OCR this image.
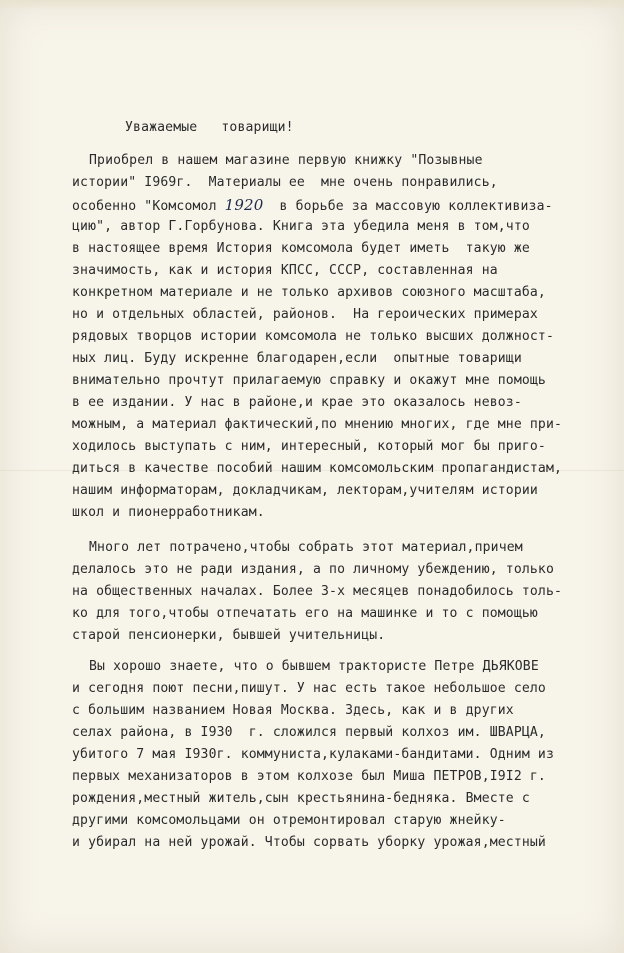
Уважаемые   товарищи!

Приобрел в нашем магазине первую книжку "Позывные

истории" I969г.  Материалы ее  мне очень понравились,

особенно "Комсомол 1920  в борьбе за массовую коллективиза-

цию", автор Г.Горбунова. Книга эта убедила меня в том,что

в настоящее время История комсомола будет иметь  такую же

значимость, как и история КПСС, СССР, составленная на

конкретном материале и не только архивов союзного масштаба,

но и отдельных областей, районов.  На героических примерах

рядовых творцов истории комсомола не только высших должност-

ных лиц. Буду искренне благодарен,если  опытные товарищи

внимательно прочтут прилагаемую справку и окажут мне помощь

в ее издании. У нас в районе,и крае это оказалось невоз-

можным, а материал фактический,по мнению многих, где мне при-

ходилось выступать с ним, интересный, который мог бы приго-

диться в качестве пособий нашим комсомольским пропагандистам,

нашим информаторам, докладчикам, лекторам,учителям истории

школ и пионерработникам.

Много лет потрачено,чтобы собрать этот материал,причем

делалось это не ради издания, а по личному убеждению, только

на общественных началах. Более 3-х месяцев понадобилось толь-

ко для того,чтобы отпечатать его на машинке и то с помощью

старой пенсионерки, бывшей учительницы.

Вы хорошо знаете, что о бывшем трактористе Петре ДЬЯКОВЕ

и сегодня поют песни,пишут. У нас есть такое небольшое село

с большим названием Новая Москва. Здесь, как и в других

селах района, в I930  г. сложился первый колхоз им. ШВАРЦА,

убитого 7 мая I930г. коммуниста,кулаками-бандитами. Одним из

первых механизаторов в этом колхозе был Миша ПЕТРОВ,I9I2 г.

рождения,местный житель,сын крестьянина-бедняка. Вместе с

другими комсомольцами он отремонтировал старую жнейку-

и убирал на ней урожай. Чтобы сорвать уборку урожая,местный
